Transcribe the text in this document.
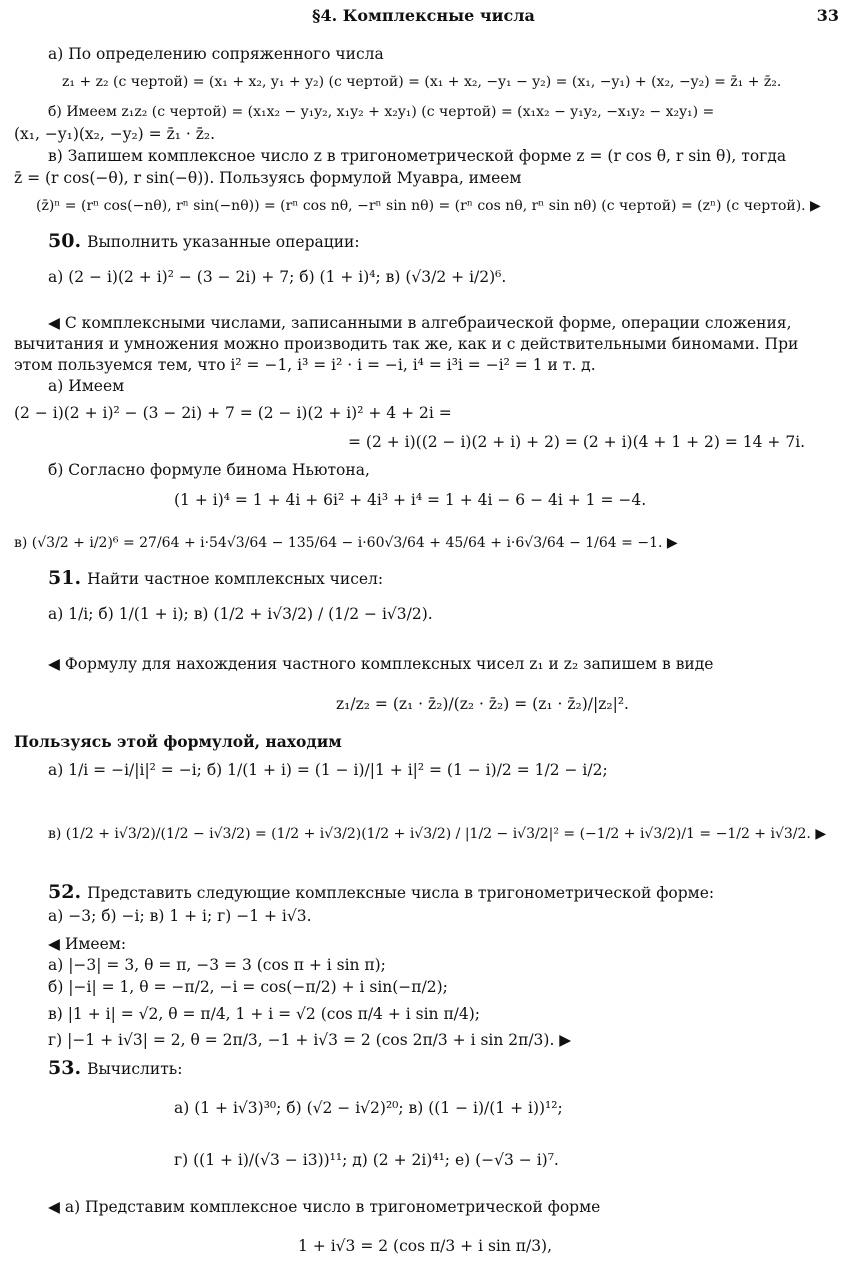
§4. Комплексные числа	33
а) По определению сопряженного числа
z₁ + z₂ (с чертой) = (x₁ + x₂, y₁ + y₂) (с чертой) = (x₁ + x₂, −y₁ − y₂) = (x₁, −y₁) + (x₂, −y₂) = z̄₁ + z̄₂.
б) Имеем z₁z₂ (с чертой) = (x₁x₂ − y₁y₂, x₁y₂ + x₂y₁) (с чертой) = (x₁x₂ − y₁y₂, −x₁y₂ − x₂y₁) =
(x₁, −y₁)(x₂, −y₂) = z̄₁ · z̄₂.
в) Запишем комплексное число z в тригонометрической форме z = (r cos θ, r sin θ), тогда
z̄ = (r cos(−θ), r sin(−θ)). Пользуясь формулой Муавра, имеем
(z̄)ⁿ = (rⁿ cos(−nθ), rⁿ sin(−nθ)) = (rⁿ cos nθ, −rⁿ sin nθ) = (rⁿ cos nθ, rⁿ sin nθ) (с чертой) = (zⁿ) (с чертой). ▶
50. Выполнить указанные операции:
а) (2 − i)(2 + i)² − (3 − 2i) + 7; б) (1 + i)⁴; в) (√3/2 + i/2)⁶.
◀ С комплексными числами, записанными в алгебраической форме, операции сложения,
вычитания и умножения можно производить так же, как и с действительными биномами. При
этом пользуемся тем, что i² = −1, i³ = i² · i = −i, i⁴ = i³i = −i² = 1 и т. д.
а) Имеем
(2 − i)(2 + i)² − (3 − 2i) + 7 = (2 − i)(2 + i)² + 4 + 2i =
= (2 + i)((2 − i)(2 + i) + 2) = (2 + i)(4 + 1 + 2) = 14 + 7i.
б) Согласно формуле бинома Ньютона,
(1 + i)⁴ = 1 + 4i + 6i² + 4i³ + i⁴ = 1 + 4i − 6 − 4i + 1 = −4.
в) (√3/2 + i/2)⁶ = 27/64 + i·54√3/64 − 135/64 − i·60√3/64 + 45/64 + i·6√3/64 − 1/64 = −1. ▶
51. Найти частное комплексных чисел:
а) 1/i; б) 1/(1 + i); в) (1/2 + i√3/2) / (1/2 − i√3/2).
◀ Формулу для нахождения частного комплексных чисел z₁ и z₂ запишем в виде
z₁/z₂ = (z₁ · z̄₂)/(z₂ · z̄₂) = (z₁ · z̄₂)/|z₂|².
Пользуясь этой формулой, находим
а) 1/i = −i/|i|² = −i; б) 1/(1 + i) = (1 − i)/|1 + i|² = (1 − i)/2 = 1/2 − i/2;
в) (1/2 + i√3/2)/(1/2 − i√3/2) = (1/2 + i√3/2)(1/2 + i√3/2) / |1/2 − i√3/2|² = (−1/2 + i√3/2)/1 = −1/2 + i√3/2. ▶
52. Представить следующие комплексные числа в тригонометрической форме:
а) −3; б) −i; в) 1 + i; г) −1 + i√3.
◀ Имеем:
а) |−3| = 3, θ = π, −3 = 3 (cos π + i sin π);
б) |−i| = 1, θ = −π/2, −i = cos(−π/2) + i sin(−π/2);
в) |1 + i| = √2, θ = π/4, 1 + i = √2 (cos π/4 + i sin π/4);
г) |−1 + i√3| = 2, θ = 2π/3, −1 + i√3 = 2 (cos 2π/3 + i sin 2π/3). ▶
53. Вычислить:
а) (1 + i√3)³⁰; б) (√2 − i√2)²⁰; в) ((1 − i)/(1 + i))¹²;
г) ((1 + i)/(√3 − i3))¹¹; д) (2 + 2i)⁴¹; е) (−√3 − i)⁷.
◀ а) Представим комплексное число в тригонометрической форме
1 + i√3 = 2 (cos π/3 + i sin π/3),
